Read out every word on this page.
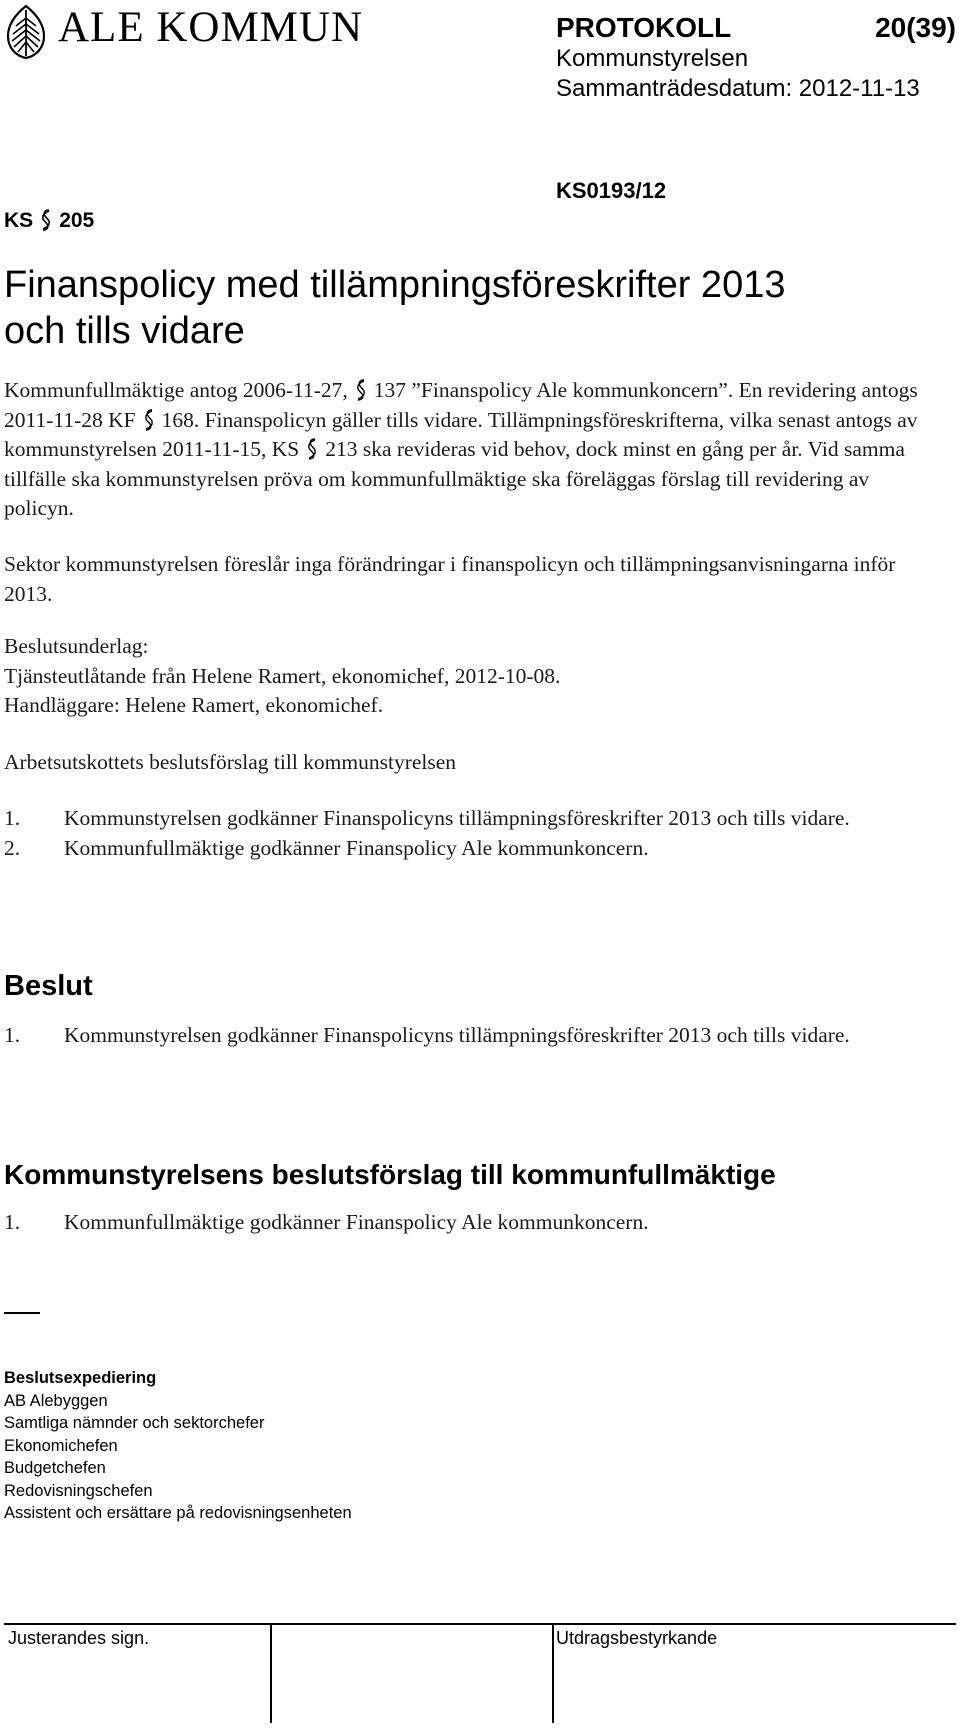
ALE KOMMUN	PROTOKOLL	20(39)
Kommunstyrelsen
Sammanträdesdatum: 2012-11-13
KS 205
KS0193/12
Finanspolicy med tillämpningsföreskrifter 2013
och tills vidare
Kommunfullmäktige antog 2006-11-27, 137 ”Finanspolicy Ale kommunkoncern”. En revidering antogs 2011-11-28 KF 168. Finanspolicyn gäller tills vidare. Tillämpningsföreskrifterna, vilka senast antogs av kommunstyrelsen 2011-11-15, KS 213 ska revideras vid behov, dock minst en gång per år. Vid samma tillfälle ska kommunstyrelsen pröva om kommunfullmäktige ska föreläggas förslag till revidering av policyn.
Sektor kommunstyrelsen föreslår inga förändringar i finanspolicyn och tillämpningsanvisningarna inför 2013.
Beslutsunderlag:
Tjänsteutlåtande från Helene Ramert, ekonomichef, 2012-10-08.
Handläggare: Helene Ramert, ekonomichef.
Arbetsutskottets beslutsförslag till kommunstyrelsen
1.	Kommunstyrelsen godkänner Finanspolicyns tillämpningsföreskrifter 2013 och tills vidare.
2.	Kommunfullmäktige godkänner Finanspolicy Ale kommunkoncern.
Beslut
1.	Kommunstyrelsen godkänner Finanspolicyns tillämpningsföreskrifter 2013 och tills vidare.
Kommunstyrelsens beslutsförslag till kommunfullmäktige
1.	Kommunfullmäktige godkänner Finanspolicy Ale kommunkoncern.
Beslutsexpediering
AB Alebyggen
Samtliga nämnder och sektorchefer
Ekonomichefen
Budgetchefen
Redovisningschefen
Assistent och ersättare på redovisningsenheten
Justerandes sign.	Utdragsbestyrkande
